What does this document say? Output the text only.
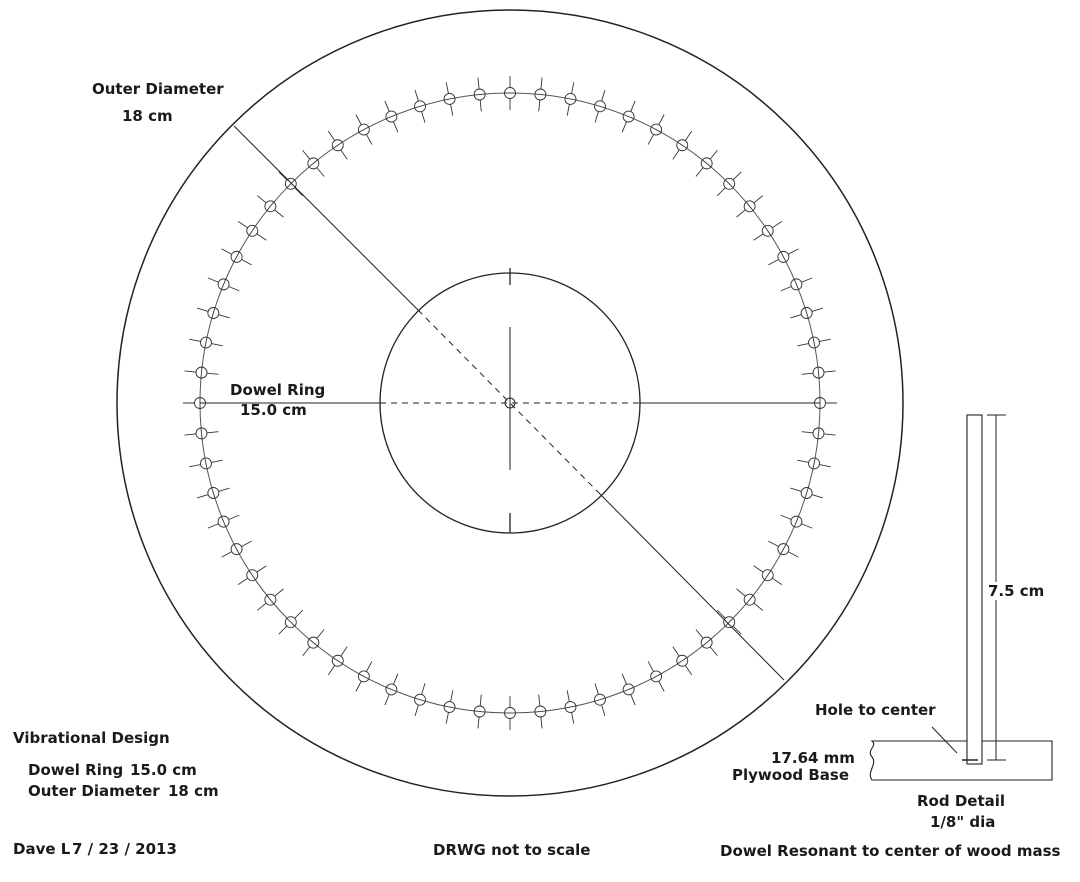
Outer Diameter
18 cm
Dowel Ring
15.0 cm
7.5 cm
Hole to center
17.64 mm
Plywood Base
Rod Detail
1/8" dia
Dowel Resonant to center of wood mass
DRWG not to scale
Vibrational Design
Dowel Ring 15.0 cm
Outer Diameter 18 cm
Dave L 7 / 23 / 2013
